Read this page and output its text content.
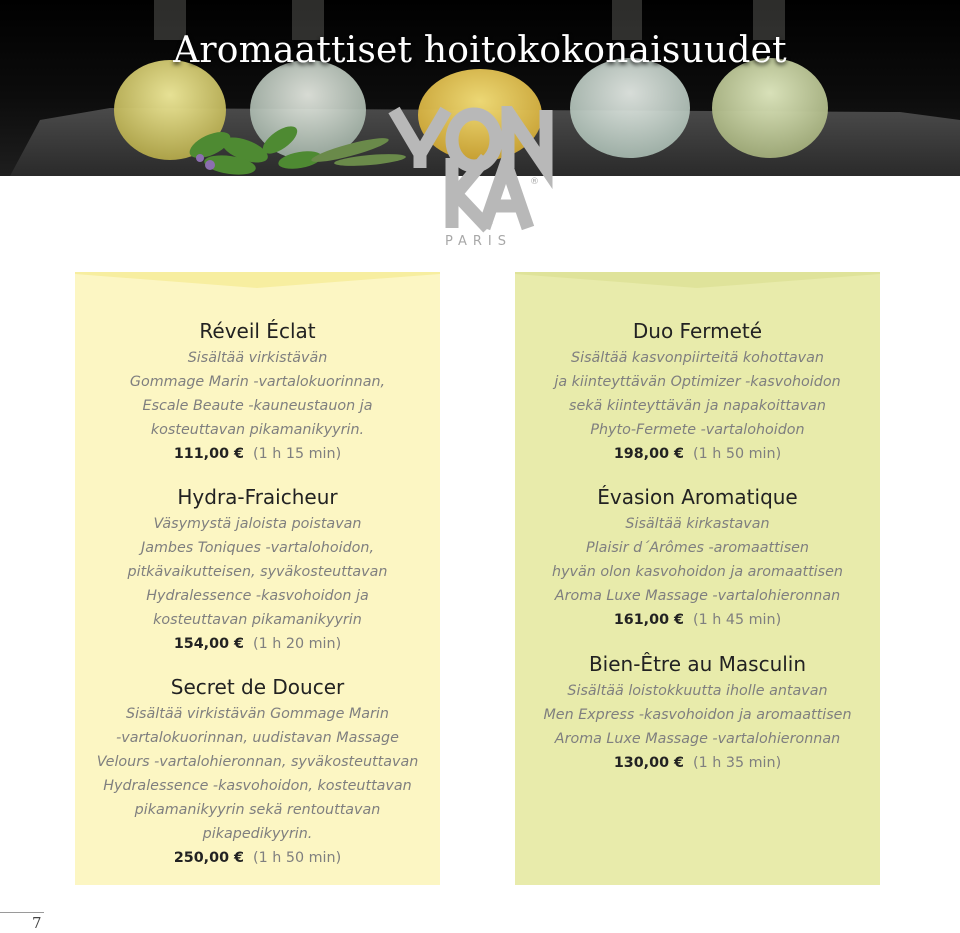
Aromaattiset hoitokokonaisuudet
®
PARIS
Réveil Éclat
Sisältää virkistävän
Gommage Marin -vartalokuorinnan,
Escale Beaute -kauneustauon ja
kosteuttavan pikamanikyyrin.
111,00 € (1 h 15 min)
Hydra-Fraicheur
Väsymystä jaloista poistavan
Jambes Toniques -vartalohoidon,
pitkävaikutteisen, syväkosteuttavan
Hydralessence -kasvohoidon ja
kosteuttavan pikamanikyyrin
154,00 € (1 h 20 min)
Secret de Doucer
Sisältää virkistävän Gommage Marin
-vartalokuorinnan, uudistavan Massage
Velours -vartalohieronnan, syväkosteuttavan
Hydralessence -kasvohoidon, kosteuttavan
pikamanikyyrin sekä rentouttavan
pikapedikyyrin.
250,00 € (1 h 50 min)
Duo Fermeté
Sisältää kasvonpiirteitä kohottavan
ja kiinteyttävän Optimizer -kasvohoidon
sekä kiinteyttävän ja napakoittavan
Phyto-Fermete -vartalohoidon
198,00 € (1 h 50 min)
Évasion Aromatique
Sisältää kirkastavan
Plaisir d´Arômes -aromaattisen
hyvän olon kasvohoidon ja aromaattisen
Aroma Luxe Massage -vartalohieronnan
161,00 € (1 h 45 min)
Bien-Être au Masculin
Sisältää loistokkuutta iholle antavan
Men Express -kasvohoidon ja aromaattisen
Aroma Luxe Massage -vartalohieronnan
130,00 € (1 h 35 min)
7
